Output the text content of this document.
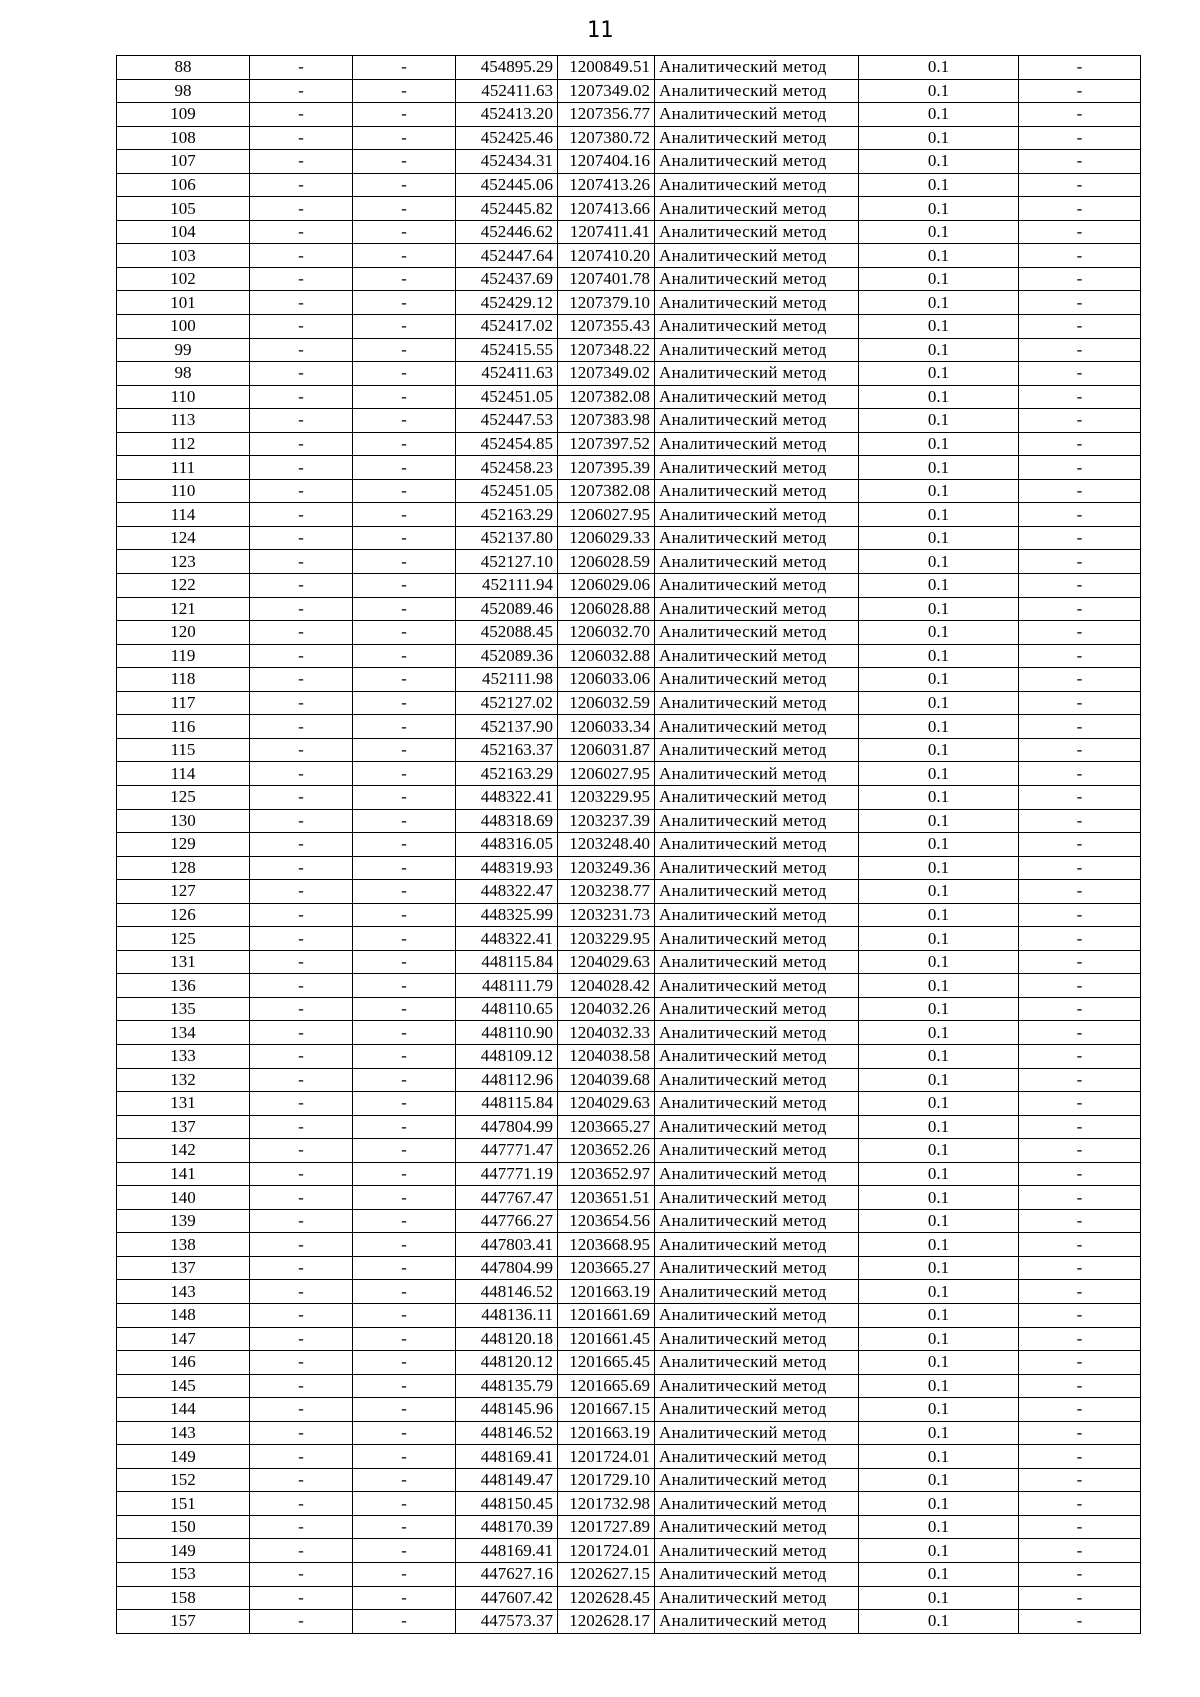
11
88	-	-	454895.29	1200849.51	Аналитический метод	0.1	-
98	-	-	452411.63	1207349.02	Аналитический метод	0.1	-
109	-	-	452413.20	1207356.77	Аналитический метод	0.1	-
108	-	-	452425.46	1207380.72	Аналитический метод	0.1	-
107	-	-	452434.31	1207404.16	Аналитический метод	0.1	-
106	-	-	452445.06	1207413.26	Аналитический метод	0.1	-
105	-	-	452445.82	1207413.66	Аналитический метод	0.1	-
104	-	-	452446.62	1207411.41	Аналитический метод	0.1	-
103	-	-	452447.64	1207410.20	Аналитический метод	0.1	-
102	-	-	452437.69	1207401.78	Аналитический метод	0.1	-
101	-	-	452429.12	1207379.10	Аналитический метод	0.1	-
100	-	-	452417.02	1207355.43	Аналитический метод	0.1	-
99	-	-	452415.55	1207348.22	Аналитический метод	0.1	-
98	-	-	452411.63	1207349.02	Аналитический метод	0.1	-
110	-	-	452451.05	1207382.08	Аналитический метод	0.1	-
113	-	-	452447.53	1207383.98	Аналитический метод	0.1	-
112	-	-	452454.85	1207397.52	Аналитический метод	0.1	-
111	-	-	452458.23	1207395.39	Аналитический метод	0.1	-
110	-	-	452451.05	1207382.08	Аналитический метод	0.1	-
114	-	-	452163.29	1206027.95	Аналитический метод	0.1	-
124	-	-	452137.80	1206029.33	Аналитический метод	0.1	-
123	-	-	452127.10	1206028.59	Аналитический метод	0.1	-
122	-	-	452111.94	1206029.06	Аналитический метод	0.1	-
121	-	-	452089.46	1206028.88	Аналитический метод	0.1	-
120	-	-	452088.45	1206032.70	Аналитический метод	0.1	-
119	-	-	452089.36	1206032.88	Аналитический метод	0.1	-
118	-	-	452111.98	1206033.06	Аналитический метод	0.1	-
117	-	-	452127.02	1206032.59	Аналитический метод	0.1	-
116	-	-	452137.90	1206033.34	Аналитический метод	0.1	-
115	-	-	452163.37	1206031.87	Аналитический метод	0.1	-
114	-	-	452163.29	1206027.95	Аналитический метод	0.1	-
125	-	-	448322.41	1203229.95	Аналитический метод	0.1	-
130	-	-	448318.69	1203237.39	Аналитический метод	0.1	-
129	-	-	448316.05	1203248.40	Аналитический метод	0.1	-
128	-	-	448319.93	1203249.36	Аналитический метод	0.1	-
127	-	-	448322.47	1203238.77	Аналитический метод	0.1	-
126	-	-	448325.99	1203231.73	Аналитический метод	0.1	-
125	-	-	448322.41	1203229.95	Аналитический метод	0.1	-
131	-	-	448115.84	1204029.63	Аналитический метод	0.1	-
136	-	-	448111.79	1204028.42	Аналитический метод	0.1	-
135	-	-	448110.65	1204032.26	Аналитический метод	0.1	-
134	-	-	448110.90	1204032.33	Аналитический метод	0.1	-
133	-	-	448109.12	1204038.58	Аналитический метод	0.1	-
132	-	-	448112.96	1204039.68	Аналитический метод	0.1	-
131	-	-	448115.84	1204029.63	Аналитический метод	0.1	-
137	-	-	447804.99	1203665.27	Аналитический метод	0.1	-
142	-	-	447771.47	1203652.26	Аналитический метод	0.1	-
141	-	-	447771.19	1203652.97	Аналитический метод	0.1	-
140	-	-	447767.47	1203651.51	Аналитический метод	0.1	-
139	-	-	447766.27	1203654.56	Аналитический метод	0.1	-
138	-	-	447803.41	1203668.95	Аналитический метод	0.1	-
137	-	-	447804.99	1203665.27	Аналитический метод	0.1	-
143	-	-	448146.52	1201663.19	Аналитический метод	0.1	-
148	-	-	448136.11	1201661.69	Аналитический метод	0.1	-
147	-	-	448120.18	1201661.45	Аналитический метод	0.1	-
146	-	-	448120.12	1201665.45	Аналитический метод	0.1	-
145	-	-	448135.79	1201665.69	Аналитический метод	0.1	-
144	-	-	448145.96	1201667.15	Аналитический метод	0.1	-
143	-	-	448146.52	1201663.19	Аналитический метод	0.1	-
149	-	-	448169.41	1201724.01	Аналитический метод	0.1	-
152	-	-	448149.47	1201729.10	Аналитический метод	0.1	-
151	-	-	448150.45	1201732.98	Аналитический метод	0.1	-
150	-	-	448170.39	1201727.89	Аналитический метод	0.1	-
149	-	-	448169.41	1201724.01	Аналитический метод	0.1	-
153	-	-	447627.16	1202627.15	Аналитический метод	0.1	-
158	-	-	447607.42	1202628.45	Аналитический метод	0.1	-
157	-	-	447573.37	1202628.17	Аналитический метод	0.1	-
